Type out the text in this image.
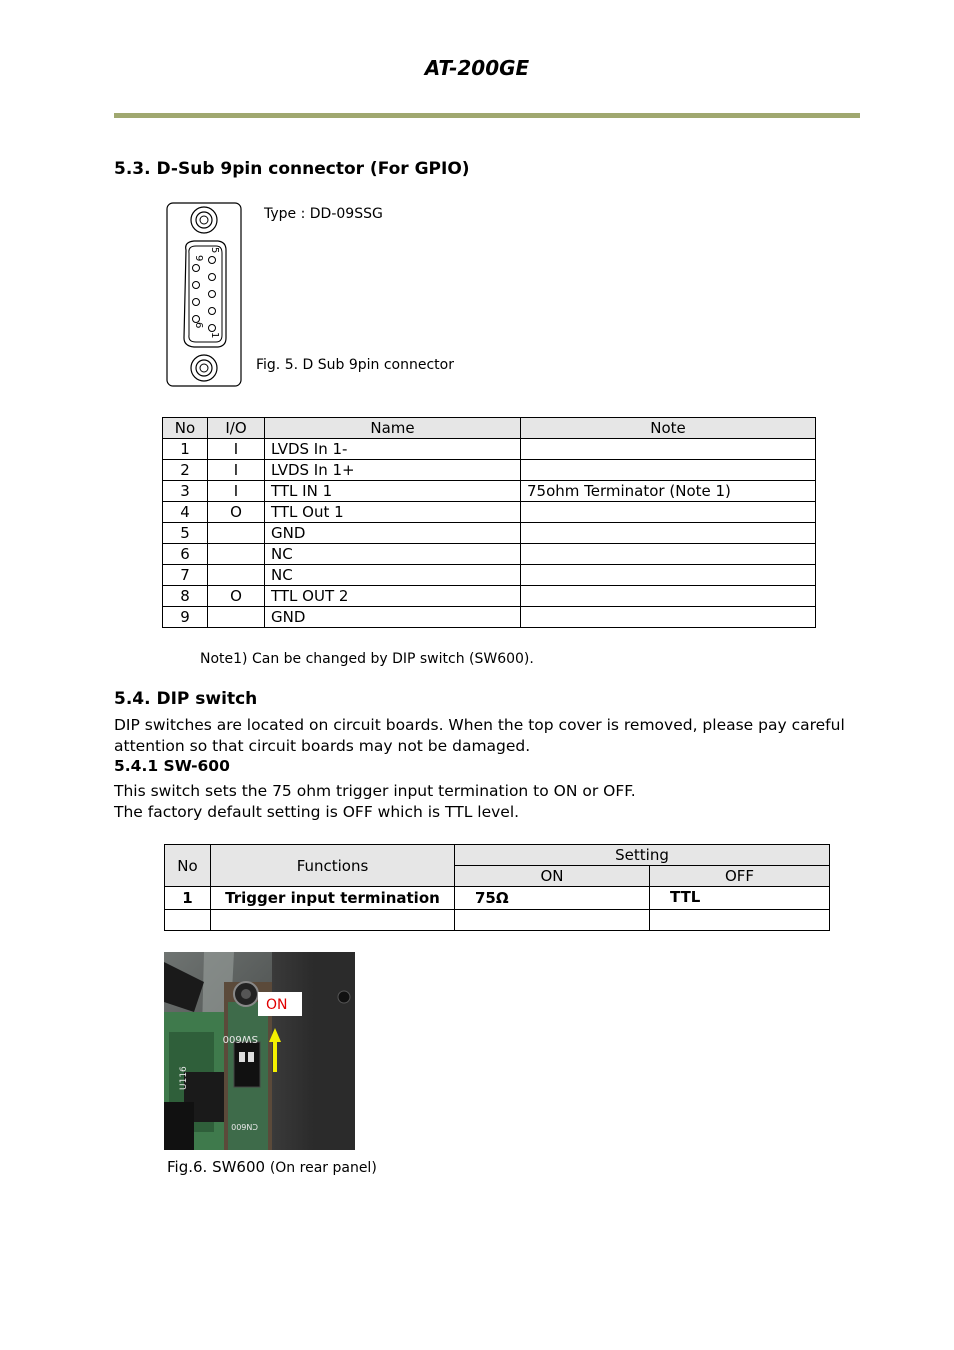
AT-200GE
5.3. D-Sub 9pin connector (For GPIO)
5
9
6
1
Type : DD-09SSG
Fig. 5. D Sub 9pin connector
No	I/O	Name	Note
1	I	LVDS In 1-	
2	I	LVDS In 1+	
3	I	TTL IN 1	75ohm Terminator (Note 1)
4	O	TTL Out 1	
5		GND	
6		NC	
7		NC	
8	O	TTL OUT 2	
9		GND	
Note1) Can be changed by DIP switch (SW600).
5.4. DIP switch
DIP switches are located on circuit boards. When the top cover is removed, please pay careful
attention so that circuit boards may not be damaged.
5.4.1 SW-600
This switch sets the 75 ohm trigger input termination to ON or OFF.
The factory default setting is OFF which is TTL level.
No	Functions	Setting	
		ON	OFF
1	Trigger input termination	75Ω	TTL

SW600
U116
CN600
ON
Fig.6. SW600 (On rear panel)
